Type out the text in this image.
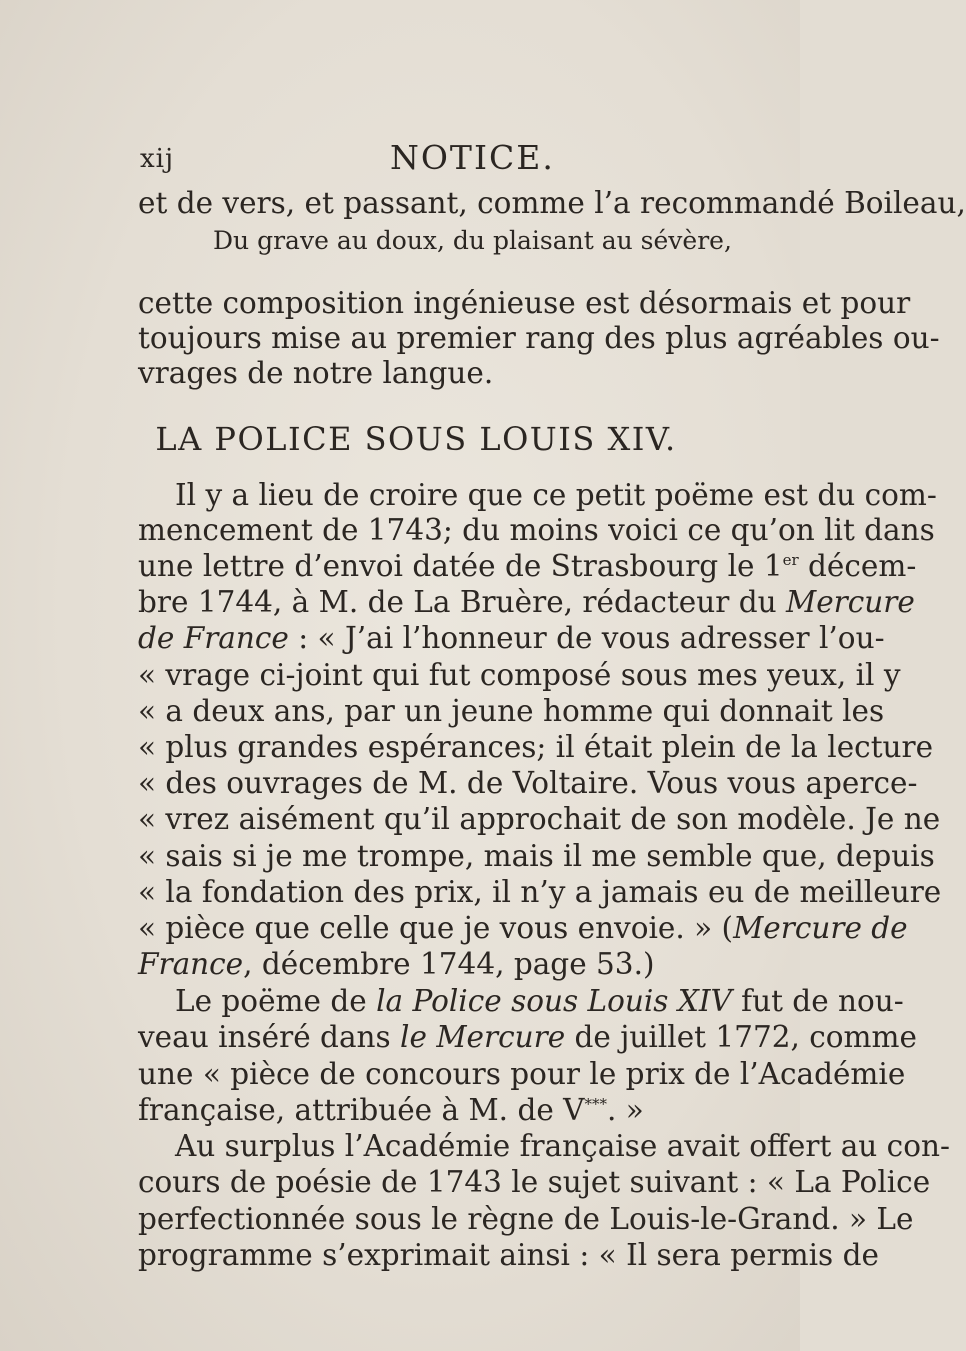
xij	NOTICE.
et de vers, et passant, comme l’a recommandé Boileau,
Du grave au doux, du plaisant au sévère,
cette composition ingénieuse est désormais et pour
toujours mise au premier rang des plus agréables ou-
vrages de notre langue.
LA POLICE SOUS LOUIS XIV.
Il y a lieu de croire que ce petit poëme est du com-
mencement de 1743; du moins voici ce qu’on lit dans
une lettre d’envoi datée de Strasbourg le 1er décem-
bre 1744, à M. de La Bruère, rédacteur du Mercure
de France : « J’ai l’honneur de vous adresser l’ou-
« vrage ci-joint qui fut composé sous mes yeux, il y
« a deux ans, par un jeune homme qui donnait les
« plus grandes espérances; il était plein de la lecture
« des ouvrages de M. de Voltaire. Vous vous aperce-
« vrez aisément qu’il approchait de son modèle. Je ne
« sais si je me trompe, mais il me semble que, depuis
« la fondation des prix, il n’y a jamais eu de meilleure
« pièce que celle que je vous envoie. » (Mercure de
France, décembre 1744, page 53.)
Le poëme de la Police sous Louis XIV fut de nou-
veau inséré dans le Mercure de juillet 1772, comme
une « pièce de concours pour le prix de l’Académie
française, attribuée à M. de V***. »
Au surplus l’Académie française avait offert au con-
cours de poésie de 1743 le sujet suivant : « La Police
perfectionnée sous le règne de Louis-le-Grand. » Le
programme s’exprimait ainsi : « Il sera permis de
